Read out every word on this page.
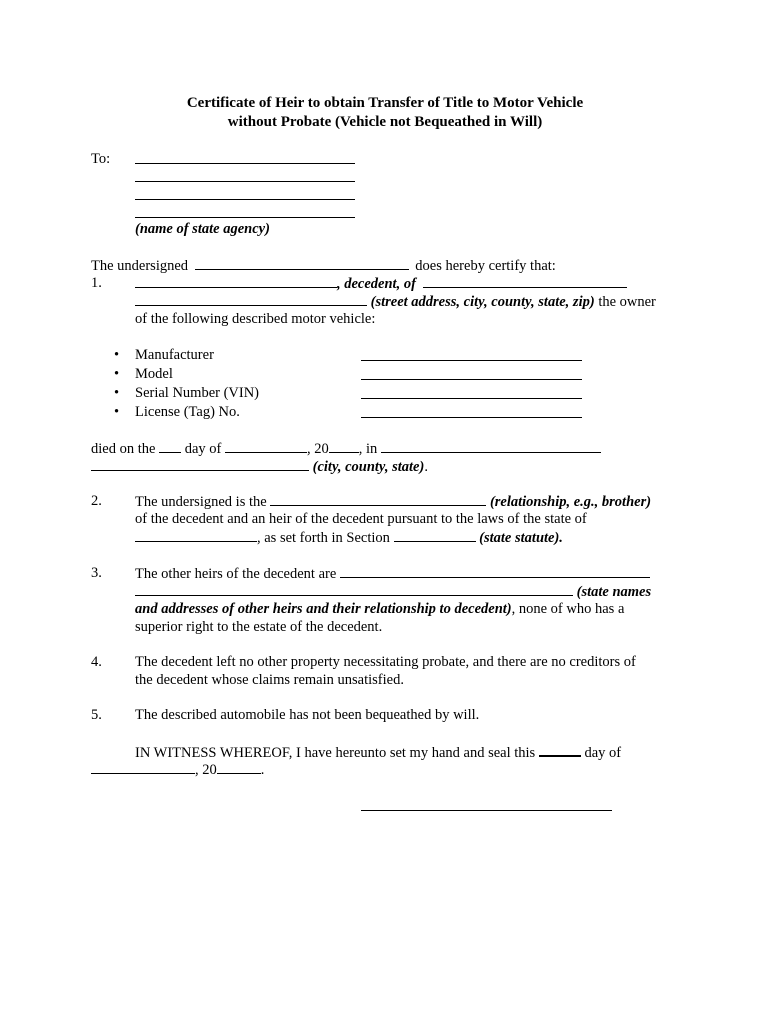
Certificate of Heir to obtain Transfer of Title to Motor Vehicle
without Probate (Vehicle not Bequeathed in Will)
To:
(name of state agency)
The undersigned	does hereby certify that:
1.	, decedent, of
(street address, city, county, state, zip) the owner
of the following described motor vehicle:
• Manufacturer
• Model
• Serial Number (VIN)
• License (Tag) No.
died on the day of	, 20 , in
(city, county, state).
2. The undersigned is the	(relationship, e.g., brother)
of the decedent and an heir of the decedent pursuant to the laws of the state of
, as set forth in Section	(state statute).
3. The other heirs of the decedent are
(state names
and addresses of other heirs and their relationship to decedent), none of who has a
superior right to the estate of the decedent.
4. The decedent left no other property necessitating probate, and there are no creditors of
the decedent whose claims remain unsatisfied.
5. The described automobile has not been bequeathed by will.
IN WITNESS WHEREOF, I have hereunto set my hand and seal this	day of
, 20	.
